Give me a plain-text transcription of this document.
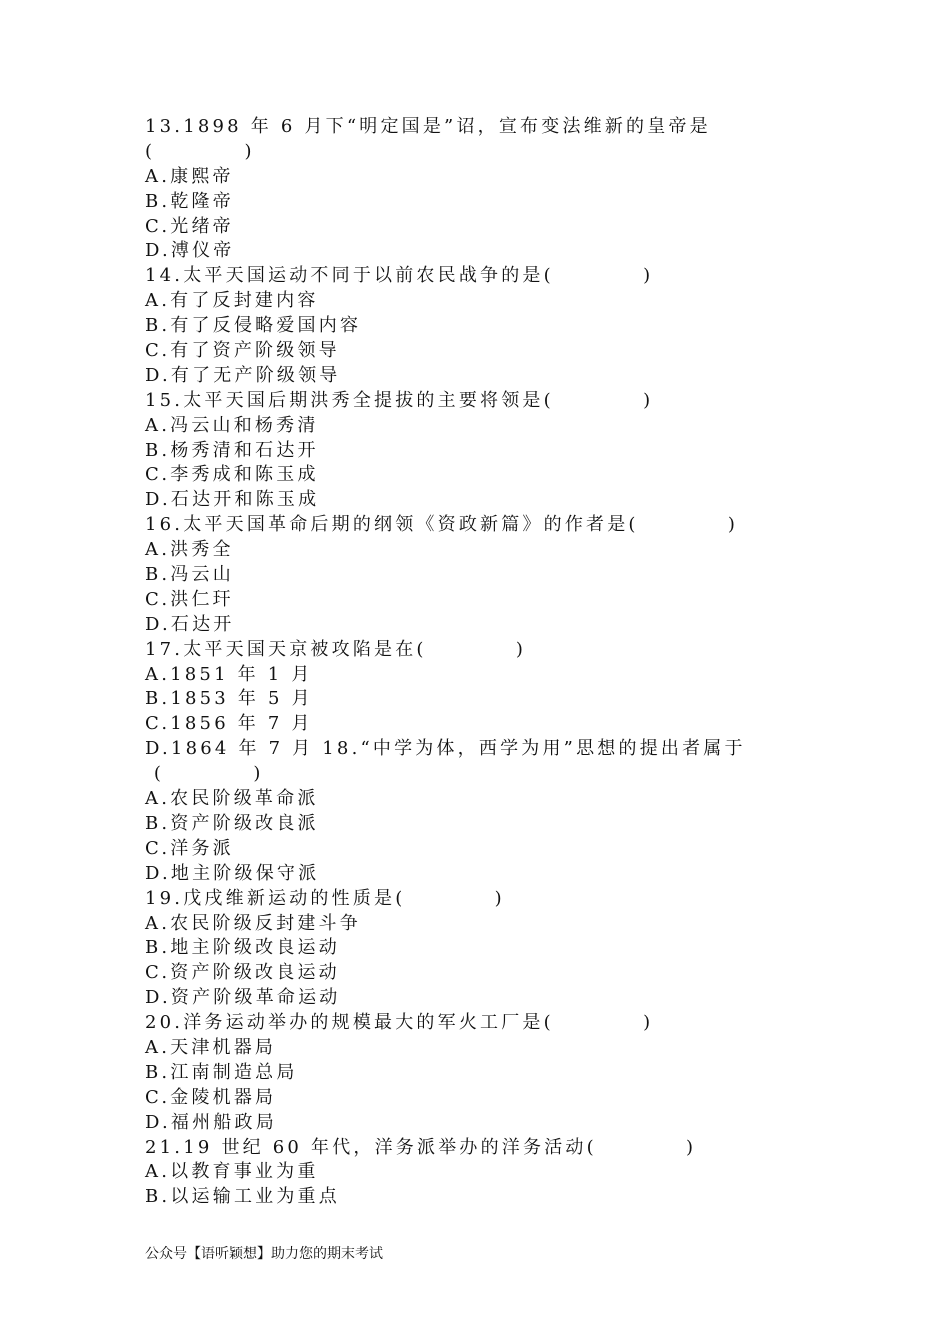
13.1898 年 6 月下“明定国是”诏，宣布变法维新的皇帝是
(          )
A.康熙帝
B.乾隆帝
C.光绪帝
D.溥仪帝
14.太平天国运动不同于以前农民战争的是(          )
A.有了反封建内容
B.有了反侵略爱国内容
C.有了资产阶级领导
D.有了无产阶级领导
15.太平天国后期洪秀全提拔的主要将领是(          )
A.冯云山和杨秀清
B.杨秀清和石达开
C.李秀成和陈玉成
D.石达开和陈玉成
16.太平天国革命后期的纲领《资政新篇》的作者是(          )
A.洪秀全
B.冯云山
C.洪仁玕
D.石达开
17.太平天国天京被攻陷是在(          )
A.1851 年 1 月
B.1853 年 5 月
C.1856 年 7 月
D.1864 年 7 月 18.“中学为体，西学为用”思想的提出者属于
(          )
A.农民阶级革命派
B.资产阶级改良派
C.洋务派
D.地主阶级保守派
19.戊戌维新运动的性质是(          )
A.农民阶级反封建斗争
B.地主阶级改良运动
C.资产阶级改良运动
D.资产阶级革命运动
20.洋务运动举办的规模最大的军火工厂是(          )
A.天津机器局
B.江南制造总局
C.金陵机器局
D.福州船政局
21.19 世纪 60 年代，洋务派举办的洋务活动(          )
A.以教育事业为重
B.以运输工业为重点
公众号【语听颖想】助力您的期末考试
